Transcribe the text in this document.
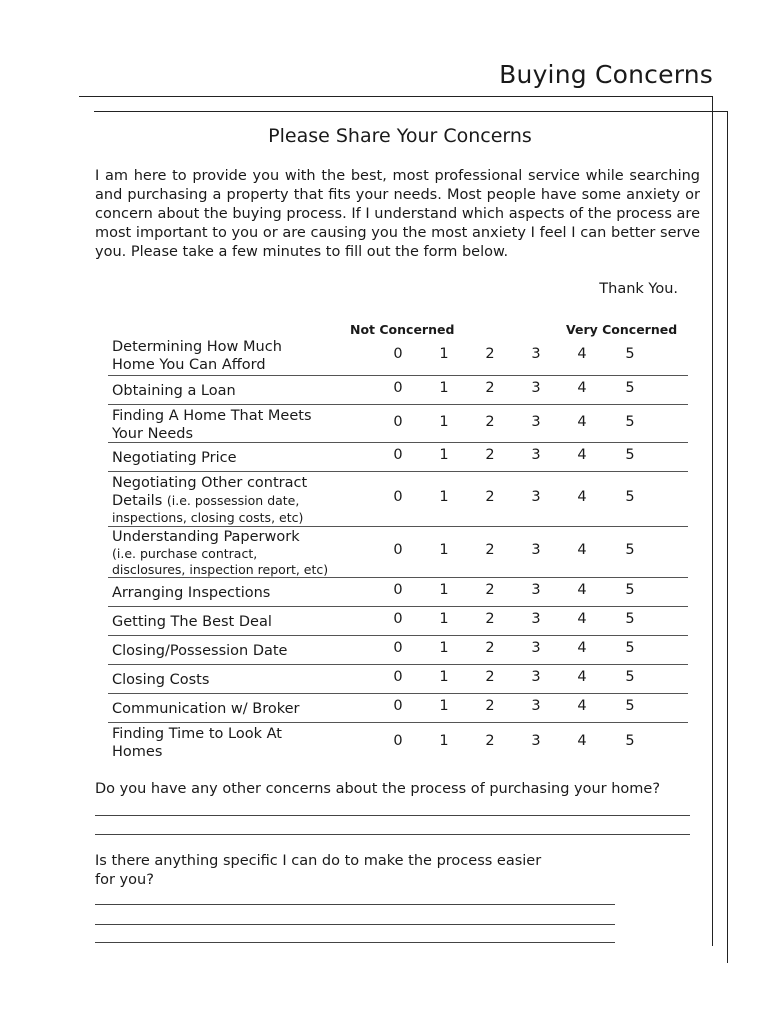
Buying Concerns
Please Share Your Concerns
I am here to provide you with the best, most professional service while searching and purchasing a property that fits your needs. Most people have some anxiety or concern about the buying process. If I understand which aspects of the process are most important to you or are causing you the most anxiety I feel I can better serve you. Please take a few minutes to fill out the form below.
Thank You.
Not Concerned	Very Concerned
Determining How Much
Home You Can Afford
0	1	2	3	4	5
Obtaining a Loan	0	1	2	3	4	5
Finding A Home That Meets
Your Needs
0	1	2	3	4	5
Negotiating Price	0	1	2	3	4	5
Negotiating Other contract
Details (i.e. possession date,
inspections, closing costs, etc)
0	1	2	3	4	5
Understanding Paperwork
(i.e. purchase contract,
disclosures, inspection report, etc)
0	1	2	3	4	5
Arranging Inspections	0	1	2	3	4	5
Getting The Best Deal	0	1	2	3	4	5
Closing/Possession Date	0	1	2	3	4	5
Closing Costs	0	1	2	3	4	5
Communication w/ Broker	0	1	2	3	4	5
Finding Time to Look At
Homes
0	1	2	3	4	5
Do you have any other concerns about the process of purchasing your home?
Is there anything specific I can do to make the process easier
for you?
